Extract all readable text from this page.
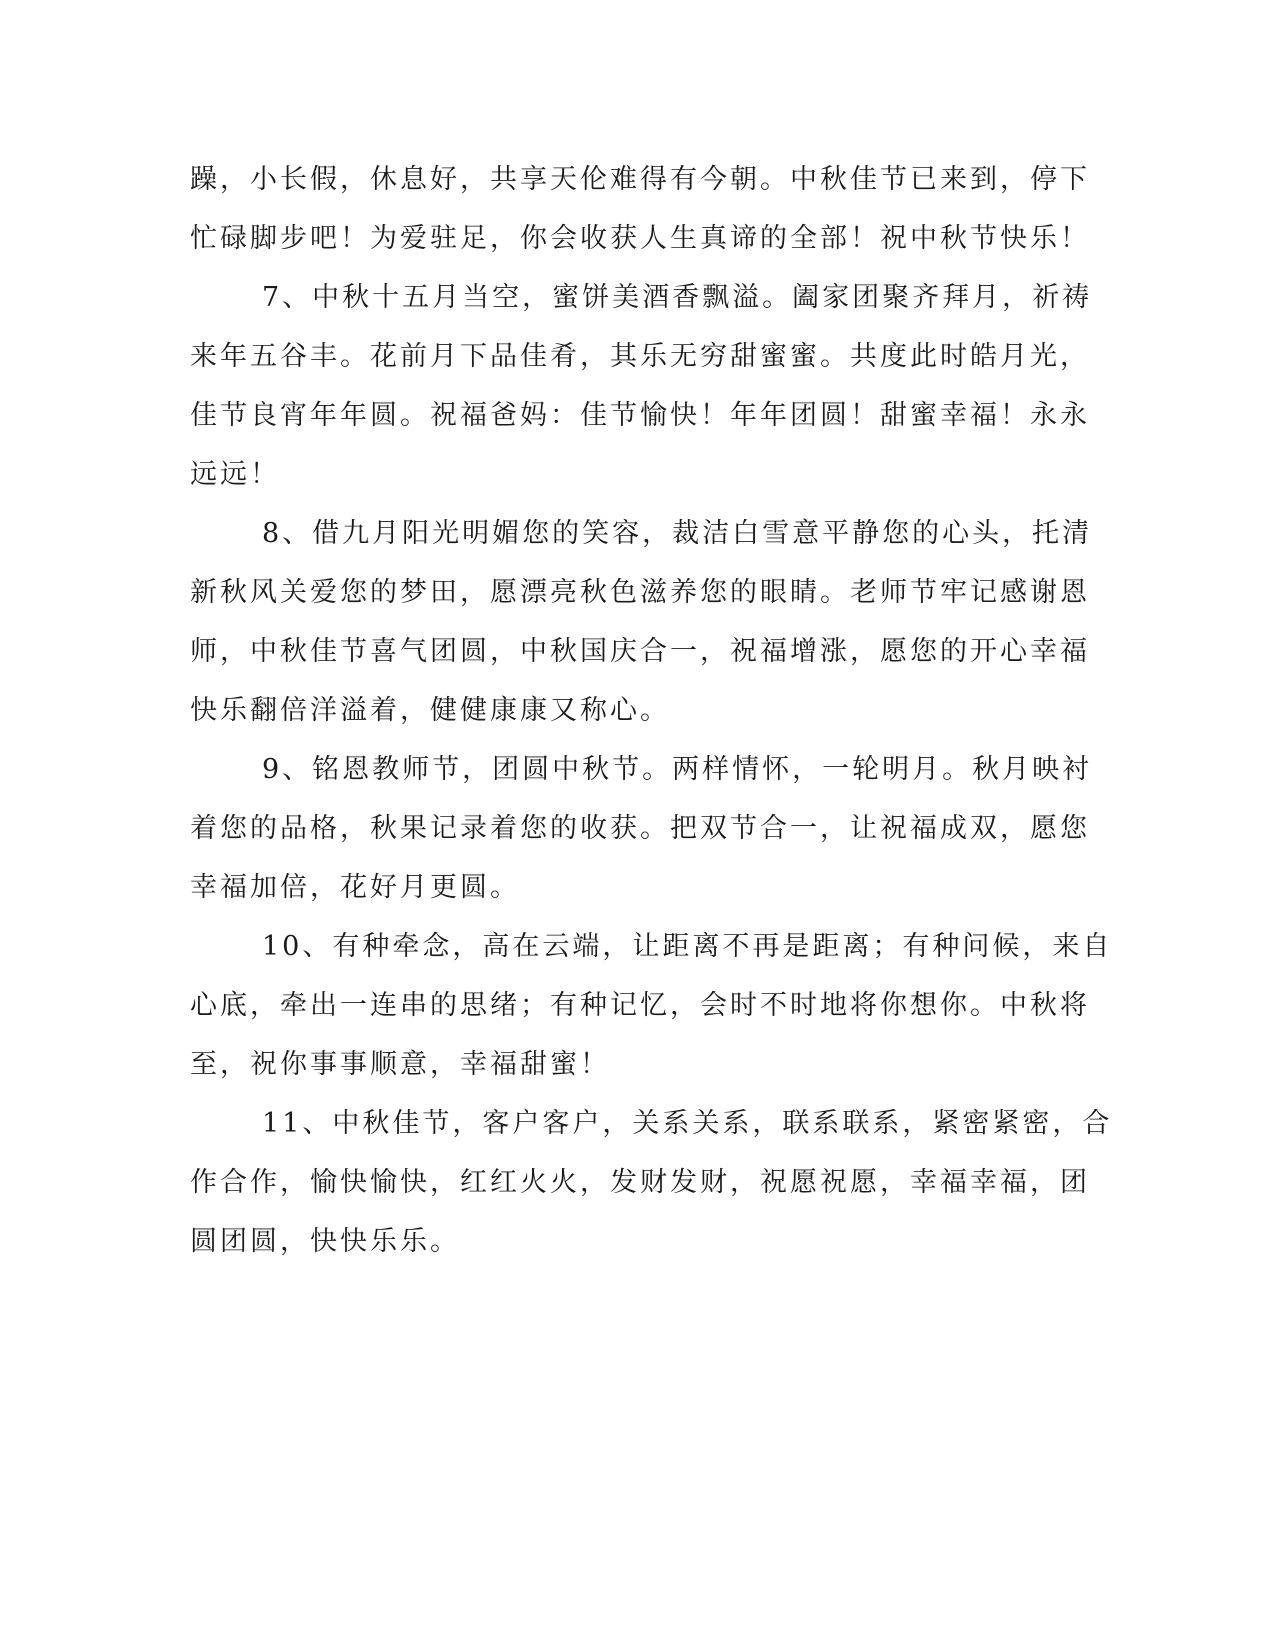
躁，小长假，休息好，共享天伦难得有今朝。中秋佳节已来到，停下
忙碌脚步吧！为爱驻足，你会收获人生真谛的全部！祝中秋节快乐！
7、中秋十五月当空，蜜饼美酒香飘溢。阖家团聚齐拜月，祈祷
来年五谷丰。花前月下品佳肴，其乐无穷甜蜜蜜。共度此时皓月光，
佳节良宵年年圆。祝福爸妈：佳节愉快！年年团圆！甜蜜幸福！永永
远远！
8、借九月阳光明媚您的笑容，裁洁白雪意平静您的心头，托清
新秋风关爱您的梦田，愿漂亮秋色滋养您的眼睛。老师节牢记感谢恩
师，中秋佳节喜气团圆，中秋国庆合一，祝福增涨，愿您的开心幸福
快乐翻倍洋溢着，健健康康又称心。
9、铭恩教师节，团圆中秋节。两样情怀，一轮明月。秋月映衬
着您的品格，秋果记录着您的收获。把双节合一，让祝福成双，愿您
幸福加倍，花好月更圆。
10、有种牵念，高在云端，让距离不再是距离；有种问候，来自
心底，牵出一连串的思绪；有种记忆，会时不时地将你想你。中秋将
至，祝你事事顺意，幸福甜蜜！
11、中秋佳节，客户客户，关系关系，联系联系，紧密紧密，合
作合作，愉快愉快，红红火火，发财发财，祝愿祝愿，幸福幸福，团
圆团圆，快快乐乐。
